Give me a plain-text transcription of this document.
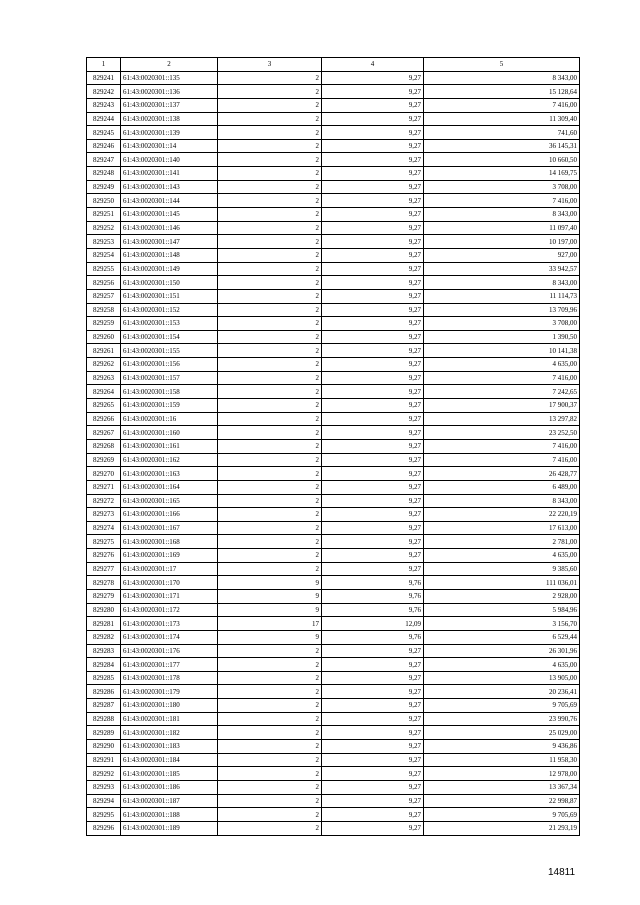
1	2	3	4	5
829241	61:43:0020301::135	2	9,27	8 343,00
829242	61:43:0020301::136	2	9,27	15 128,64
829243	61:43:0020301::137	2	9,27	7 416,00
829244	61:43:0020301::138	2	9,27	11 309,40
829245	61:43:0020301::139	2	9,27	741,60
829246	61:43:0020301::14	2	9,27	36 145,31
829247	61:43:0020301::140	2	9,27	10 660,50
829248	61:43:0020301::141	2	9,27	14 169,75
829249	61:43:0020301::143	2	9,27	3 708,00
829250	61:43:0020301::144	2	9,27	7 416,00
829251	61:43:0020301::145	2	9,27	8 343,00
829252	61:43:0020301::146	2	9,27	11 097,40
829253	61:43:0020301::147	2	9,27	10 197,00
829254	61:43:0020301::148	2	9,27	927,00
829255	61:43:0020301::149	2	9,27	33 942,57
829256	61:43:0020301::150	2	9,27	8 343,00
829257	61:43:0020301::151	2	9,27	11 114,73
829258	61:43:0020301::152	2	9,27	13 709,96
829259	61:43:0020301::153	2	9,27	3 708,00
829260	61:43:0020301::154	2	9,27	1 390,50
829261	61:43:0020301::155	2	9,27	10 141,38
829262	61:43:0020301::156	2	9,27	4 635,00
829263	61:43:0020301::157	2	9,27	7 416,00
829264	61:43:0020301::158	2	9,27	7 242,65
829265	61:43:0020301::159	2	9,27	17 900,37
829266	61:43:0020301::16	2	9,27	13 297,82
829267	61:43:0020301::160	2	9,27	23 252,50
829268	61:43:0020301::161	2	9,27	7 416,00
829269	61:43:0020301::162	2	9,27	7 416,00
829270	61:43:0020301::163	2	9,27	26 428,77
829271	61:43:0020301::164	2	9,27	6 489,00
829272	61:43:0020301::165	2	9,27	8 343,00
829273	61:43:0020301::166	2	9,27	22 220,19
829274	61:43:0020301::167	2	9,27	17 613,00
829275	61:43:0020301::168	2	9,27	2 781,00
829276	61:43:0020301::169	2	9,27	4 635,00
829277	61:43:0020301::17	2	9,27	9 385,60
829278	61:43:0020301::170	9	9,76	111 036,01
829279	61:43:0020301::171	9	9,76	2 928,00
829280	61:43:0020301::172	9	9,76	5 984,96
829281	61:43:0020301::173	17	12,09	3 156,70
829282	61:43:0020301::174	9	9,76	6 529,44
829283	61:43:0020301::176	2	9,27	26 301,96
829284	61:43:0020301::177	2	9,27	4 635,00
829285	61:43:0020301::178	2	9,27	13 905,00
829286	61:43:0020301::179	2	9,27	20 236,41
829287	61:43:0020301::180	2	9,27	9 705,69
829288	61:43:0020301::181	2	9,27	23 990,76
829289	61:43:0020301::182	2	9,27	25 029,00
829290	61:43:0020301::183	2	9,27	9 436,86
829291	61:43:0020301::184	2	9,27	11 958,30
829292	61:43:0020301::185	2	9,27	12 978,00
829293	61:43:0020301::186	2	9,27	13 367,34
829294	61:43:0020301::187	2	9,27	22 998,87
829295	61:43:0020301::188	2	9,27	9 705,69
829296	61:43:0020301::189	2	9,27	21 293,19
14811
